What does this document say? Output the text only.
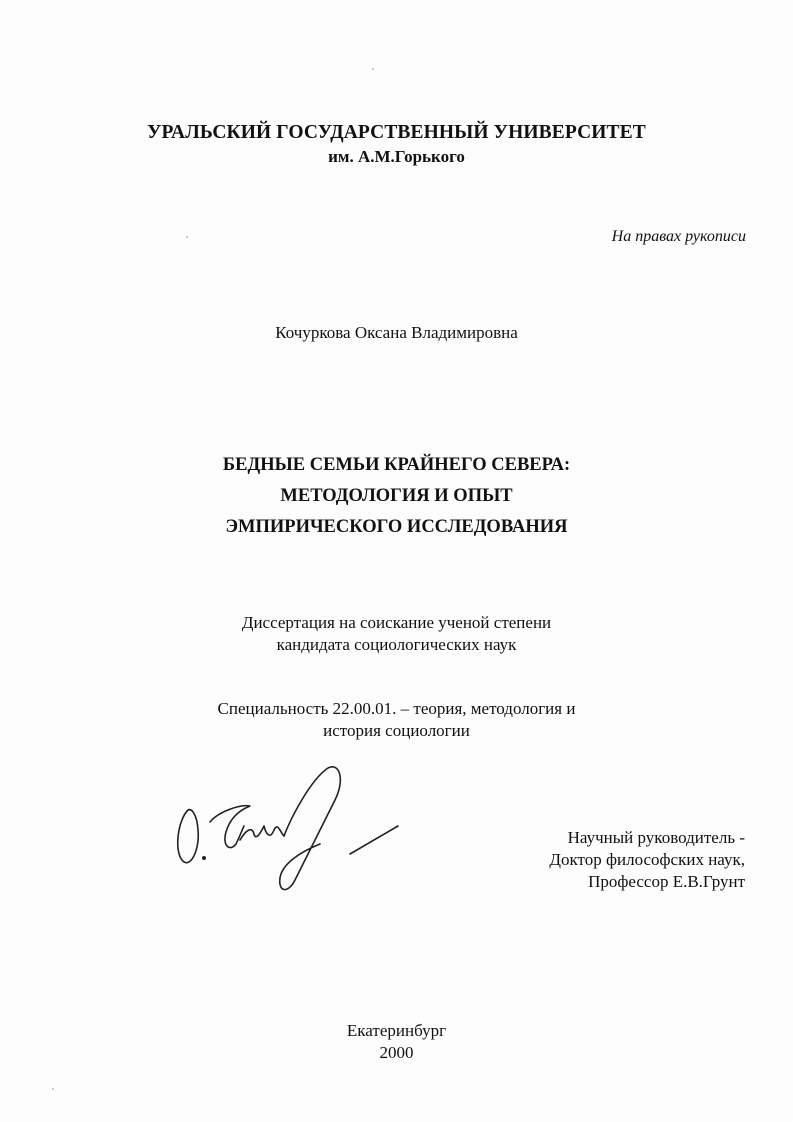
УРАЛЬСКИЙ ГОСУДАРСТВЕННЫЙ УНИВЕРСИТЕТ
им. А.М.Горького
На правах рукописи
Кочуркова Оксана Владимировна
БЕДНЫЕ СЕМЬИ КРАЙНЕГО СЕВЕРА:
МЕТОДОЛОГИЯ И ОПЫТ
ЭМПИРИЧЕСКОГО ИССЛЕДОВАНИЯ
Диссертация на соискание ученой степени
кандидата социологических наук
Специальность 22.00.01. – теория, методология и
история социологии
Научный руководитель -
Доктор философских наук,
Профессор Е.В.Грунт
Екатеринбург
2000
